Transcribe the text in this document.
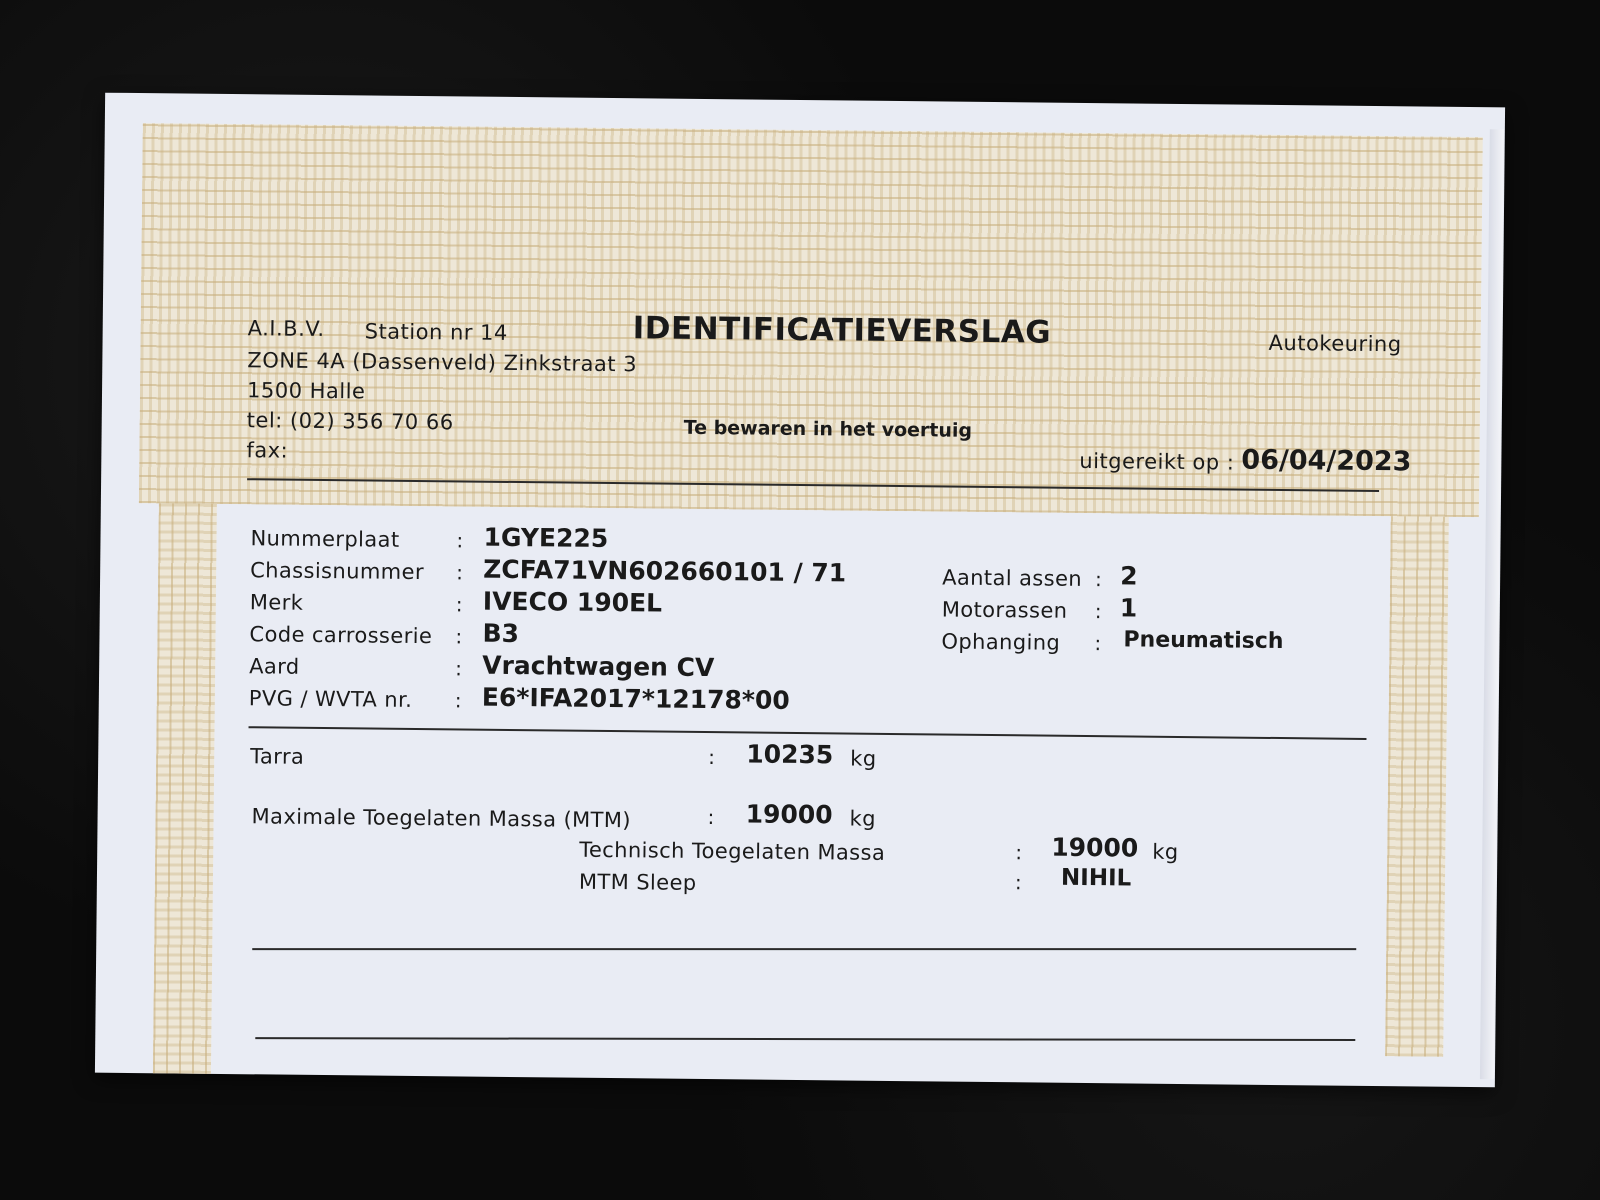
A.I.B.V. Station nr 14
ZONE 4A (Dassenveld) Zinkstraat 3
1500 Halle
tel: (02) 356 70 66
fax:
IDENTIFICATIEVERSLAG	Autokeuring
Te bewaren in het voertuig
uitgereikt op : 06/04/2023
Nummerplaat	: 1GYE225
Chassisnummer : ZCFA71VN602660101 / 71
Merk	: IVECO 190EL
Code carrosserie : B3
Aard	: Vrachtwagen CV
PVG / WVTA nr. : E6*IFA2017*12178*00
Aantal assen : 2
Motorassen : 1
Ophanging : Pneumatisch
Tarra	: 10235 kg
Maximale Toegelaten Massa (MTM)	: 19000 kg
Technisch Toegelaten Massa	: 19000 kg
MTM Sleep	: NIHIL
